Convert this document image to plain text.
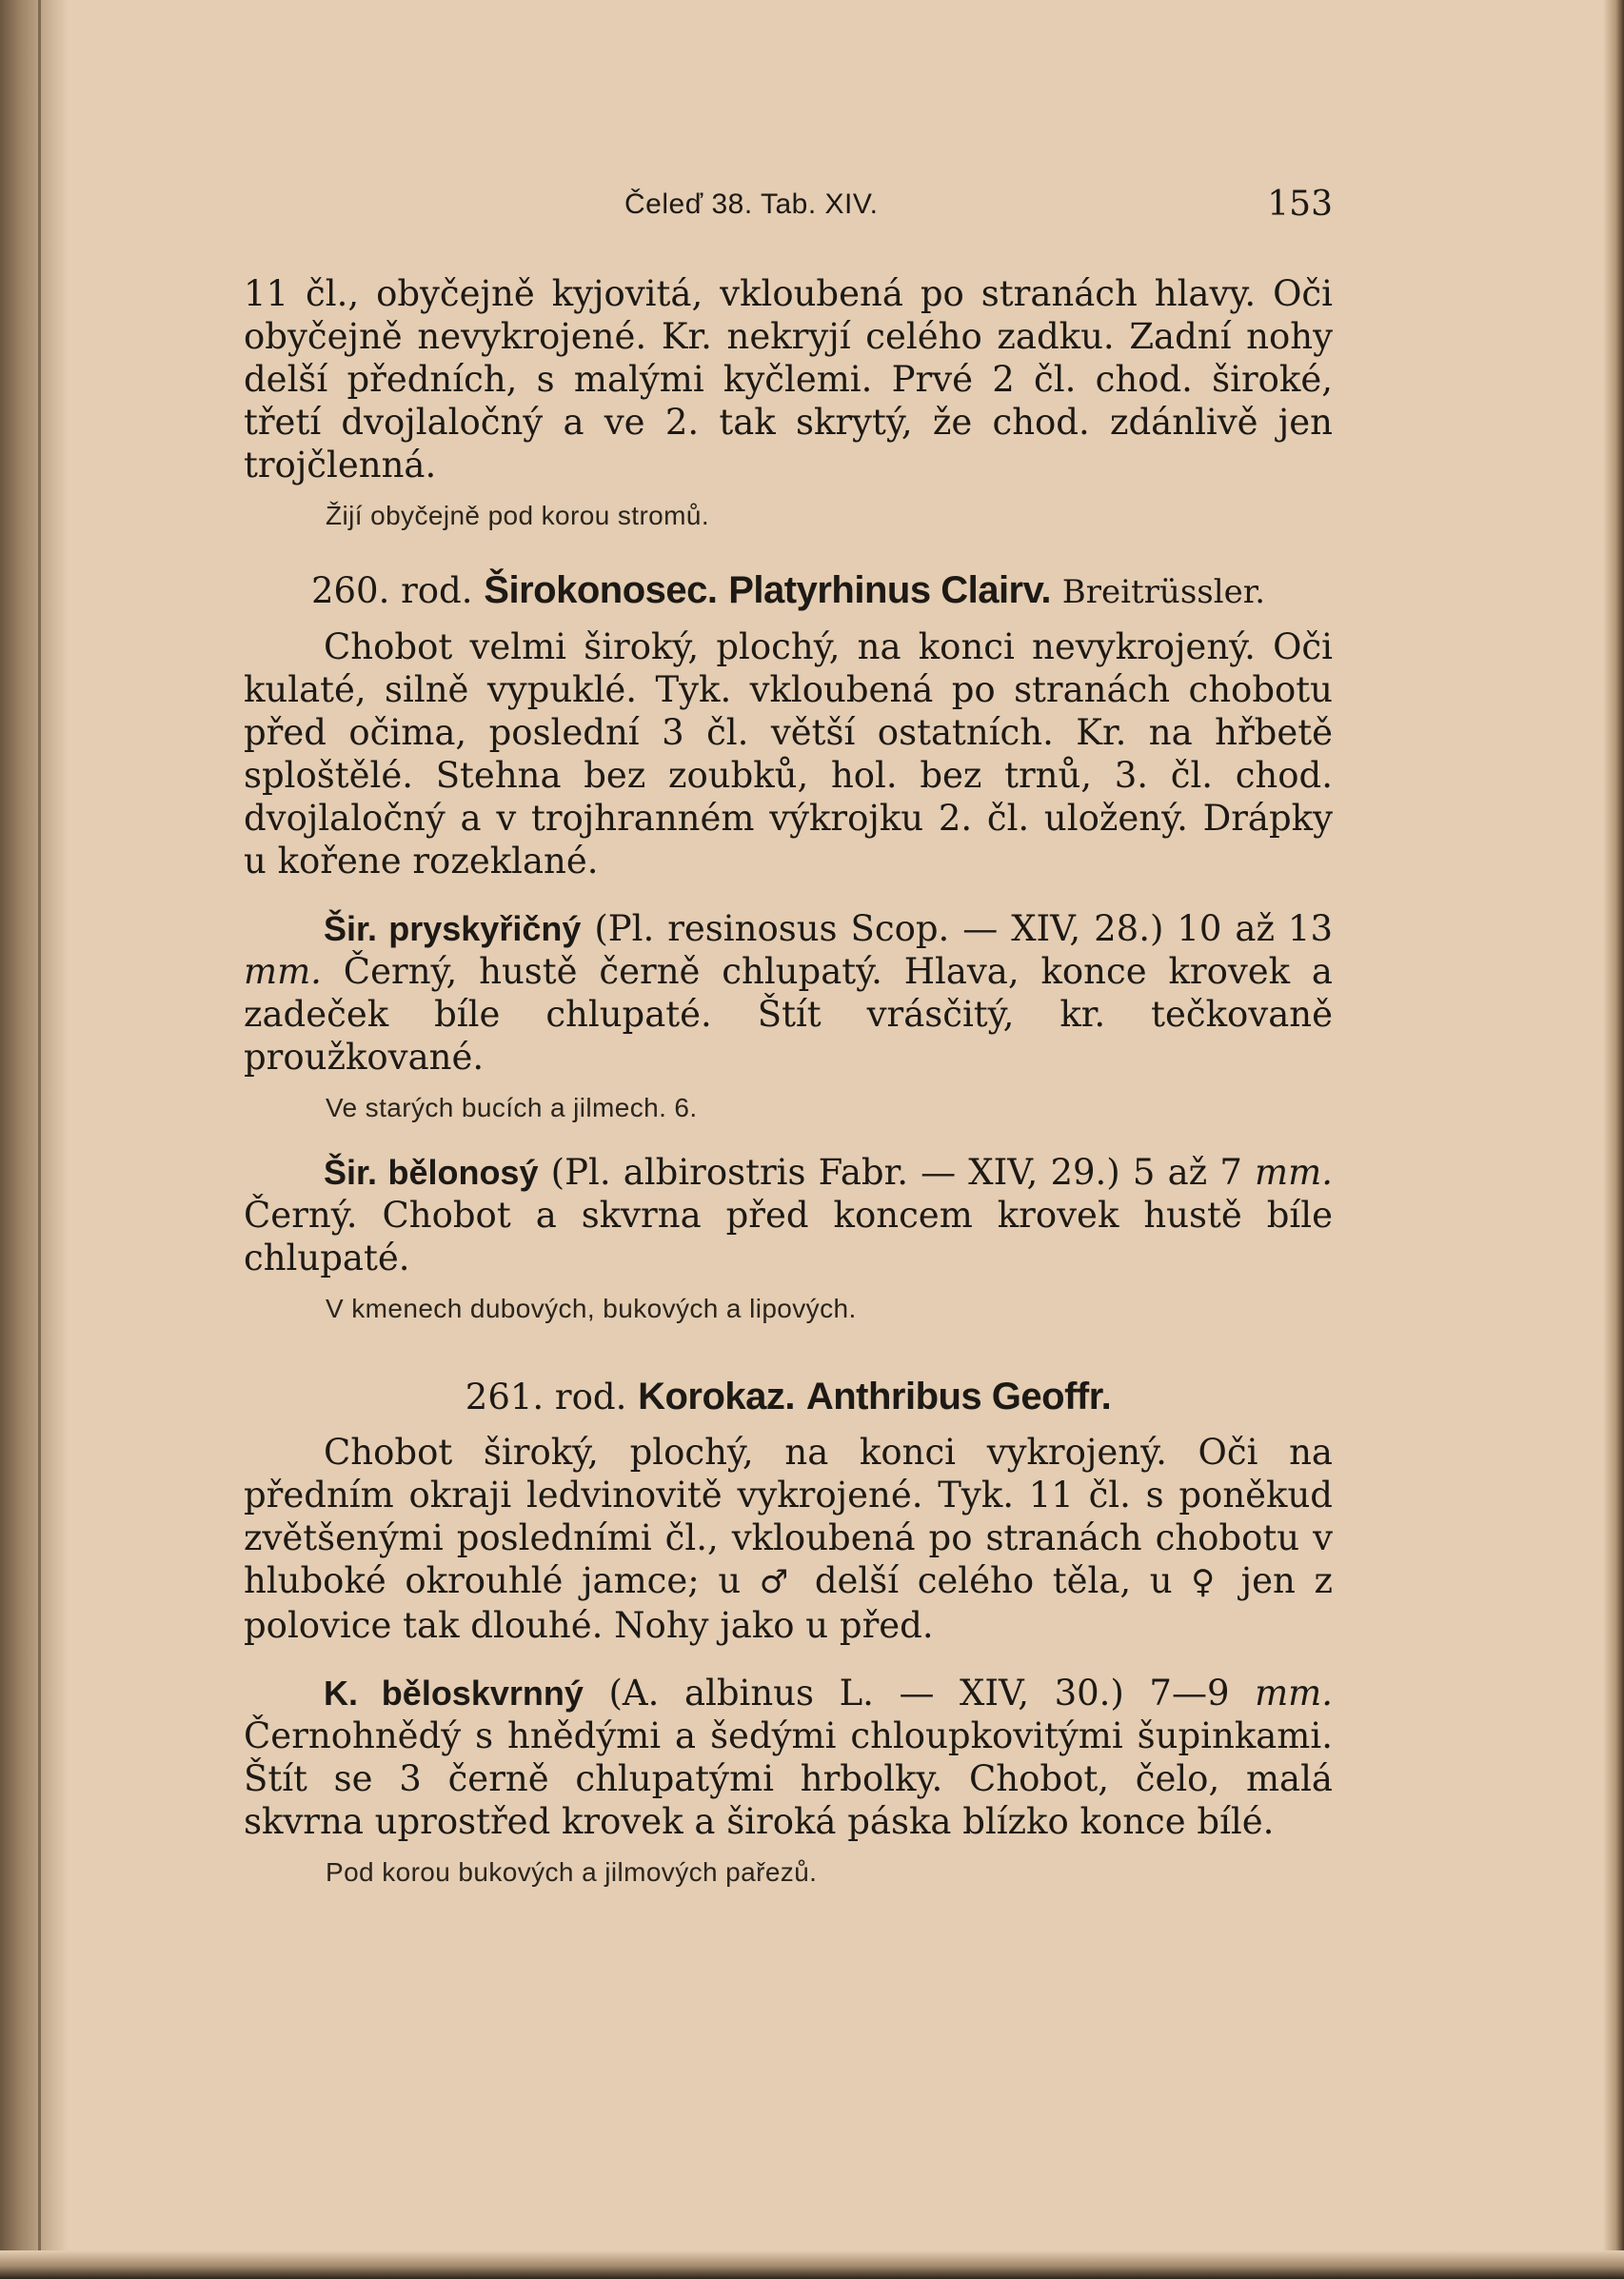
Čeleď 38. Tab. XIV.	153

11 čl., obyčejně kyjovitá, vkloubená po stranách hlavy. Oči obyčejně nevykrojené. Kr. nekryjí celého zadku. Zadní nohy delší předních, s malými kyčlemi. Prvé 2 čl. chod. široké, třetí dvojlaločný a ve 2. tak skrytý, že chod. zdánlivě jen trojčlenná.

Žijí obyčejně pod korou stromů.

260. rod. Širokonosec. Platyrhinus Clairv. Breitrüssler.

Chobot velmi široký, plochý, na konci nevykrojený. Oči kulaté, silně vypuklé. Tyk. vkloubená po stranách chobotu před očima, poslední 3 čl. větší ostatních. Kr. na hřbetě sploštělé. Stehna bez zoubků, hol. bez trnů, 3. čl. chod. dvojlaločný a v trojhranném výkrojku 2. čl. uložený. Drápky u kořene rozeklané.

Šir. pryskyřičný (Pl. resinosus Scop. — XIV, 28.) 10 až 13 mm. Černý, hustě černě chlupatý. Hlava, konce krovek a zadeček bíle chlupaté. Štít vrásčitý, kr. tečkovaně proužkované.

Ve starých bucích a jilmech. 6.

Šir. bělonosý (Pl. albirostris Fabr. — XIV, 29.) 5 až 7 mm. Černý. Chobot a skvrna před koncem krovek hustě bíle chlupaté.

V kmenech dubových, bukových a lipových.

261. rod. Korokaz. Anthribus Geoffr.

Chobot široký, plochý, na konci vykrojený. Oči na předním okraji ledvinovitě vykrojené. Tyk. 11 čl. s poněkud zvětšenými posledními čl., vkloubená po stranách chobotu v hluboké okrouhlé jamce; u ♂ delší celého těla, u ♀ jen z polovice tak dlouhé. Nohy jako u před.

K. běloskvrnný (A. albinus L. — XIV, 30.) 7—9 mm. Černohnědý s hnědými a šedými chloupkovitými šupinkami. Štít se 3 černě chlupatými hrbolky. Chobot, čelo, malá skvrna uprostřed krovek a široká páska blízko konce bílé.

Pod korou bukových a jilmových pařezů.
